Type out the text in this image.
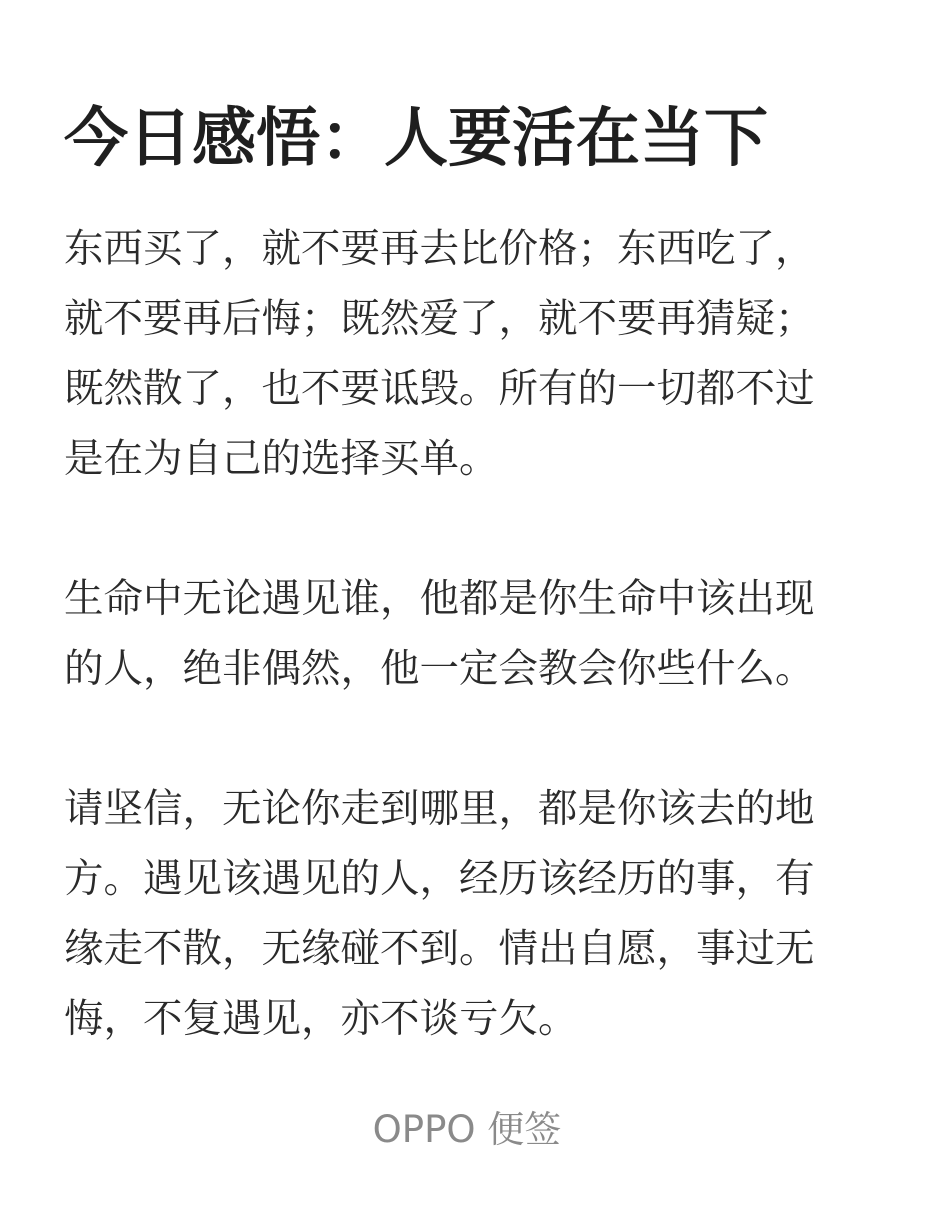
今日感悟：人要活在当下

东西买了，就不要再去比价格；东西吃了，
就不要再后悔；既然爱了，就不要再猜疑；
既然散了，也不要诋毁。所有的一切都不过
是在为自己的选择买单。

生命中无论遇见谁，他都是你生命中该出现
的人，绝非偶然，他一定会教会你些什么。

请坚信，无论你走到哪里，都是你该去的地
方。遇见该遇见的人，经历该经历的事，有
缘走不散，无缘碰不到。情出自愿，事过无
悔，不复遇见，亦不谈亏欠。

OPPO 便签
